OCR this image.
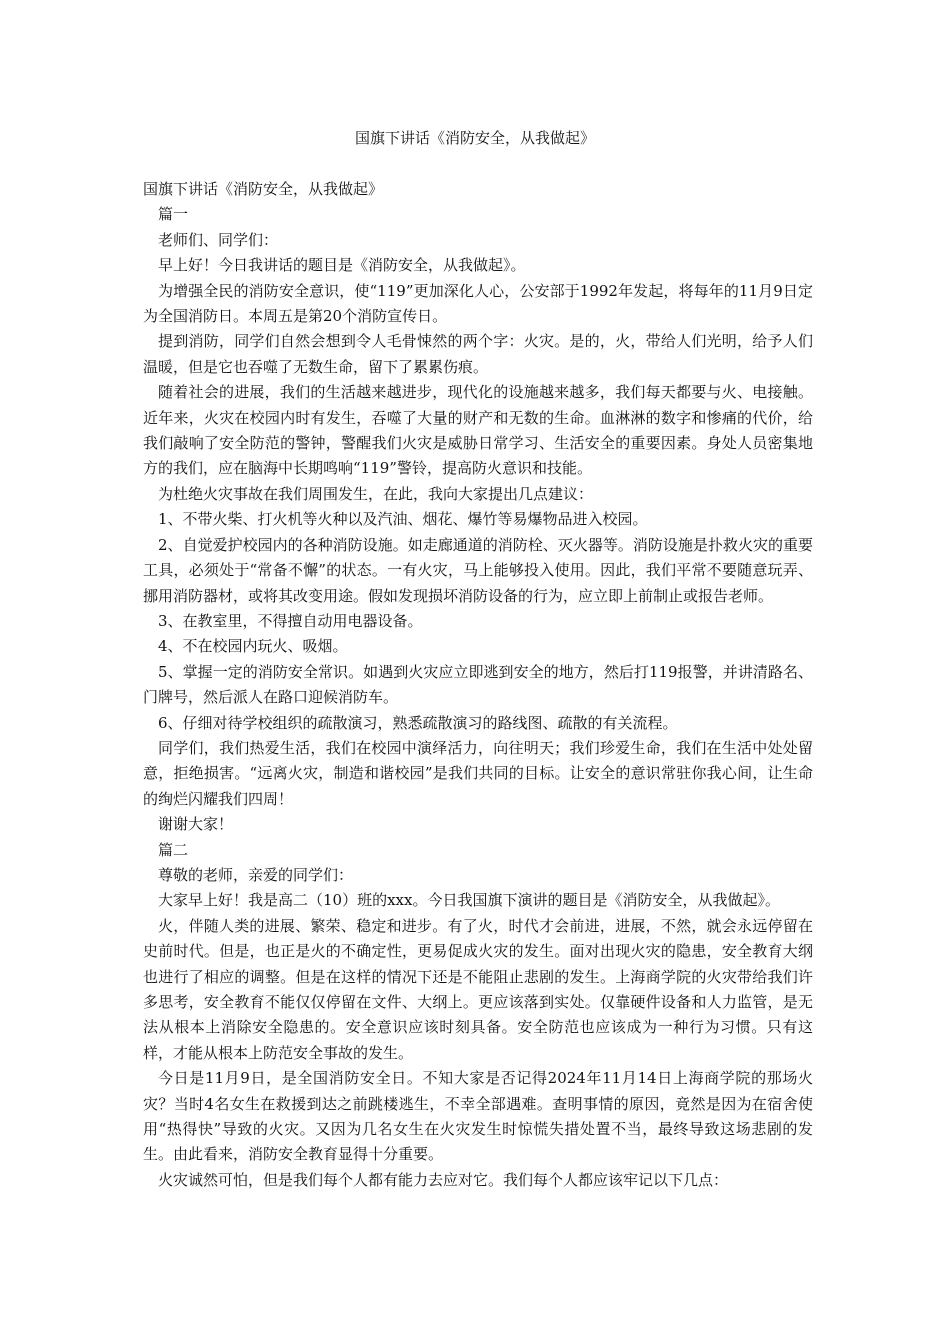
国旗下讲话《消防安全，从我做起》

国旗下讲话《消防安全，从我做起》

篇一

老师们、同学们：

早上好！今日我讲话的题目是《消防安全，从我做起》。

为增强全民的消防安全意识，使“119”更加深化人心，公安部于1992年发起，将每年的11月9日定为全国消防日。本周五是第20个消防宣传日。

提到消防，同学们自然会想到令人毛骨悚然的两个字：火灾。是的，火，带给人们光明，给予人们温暖，但是它也吞噬了无数生命，留下了累累伤痕。

随着社会的进展，我们的生活越来越进步，现代化的设施越来越多，我们每天都要与火、电接触。近年来，火灾在校园内时有发生，吞噬了大量的财产和无数的生命。血淋淋的数字和惨痛的代价，给我们敲响了安全防范的警钟，警醒我们火灾是威胁日常学习、生活安全的重要因素。身处人员密集地方的我们，应在脑海中长期鸣响“119”警铃，提高防火意识和技能。

为杜绝火灾事故在我们周围发生，在此，我向大家提出几点建议：

1、不带火柴、打火机等火种以及汽油、烟花、爆竹等易爆物品进入校园。

2、自觉爱护校园内的各种消防设施。如走廊通道的消防栓、灭火器等。消防设施是扑救火灾的重要工具，必须处于“常备不懈”的状态。一有火灾，马上能够投入使用。因此，我们平常不要随意玩弄、挪用消防器材，或将其改变用途。假如发现损坏消防设备的行为，应立即上前制止或报告老师。

3、在教室里，不得擅自动用电器设备。

4、不在校园内玩火、吸烟。

5、掌握一定的消防安全常识。如遇到火灾应立即逃到安全的地方，然后打119报警，并讲清路名、门牌号，然后派人在路口迎候消防车。

6、仔细对待学校组织的疏散演习，熟悉疏散演习的路线图、疏散的有关流程。

同学们，我们热爱生活，我们在校园中演绎活力，向往明天；我们珍爱生命，我们在生活中处处留意，拒绝损害。“远离火灾，制造和谐校园”是我们共同的目标。让安全的意识常驻你我心间，让生命的绚烂闪耀我们四周！

谢谢大家！

篇二

尊敬的老师，亲爱的同学们：

大家早上好！我是高二（10）班的xxx。今日我国旗下演讲的题目是《消防安全，从我做起》。

火，伴随人类的进展、繁荣、稳定和进步。有了火，时代才会前进，进展，不然，就会永远停留在史前时代。但是，也正是火的不确定性，更易促成火灾的发生。面对出现火灾的隐患，安全教育大纲也进行了相应的调整。但是在这样的情况下还是不能阻止悲剧的发生。上海商学院的火灾带给我们许多思考，安全教育不能仅仅停留在文件、大纲上。更应该落到实处。仅靠硬件设备和人力监管，是无法从根本上消除安全隐患的。安全意识应该时刻具备。安全防范也应该成为一种行为习惯。只有这样，才能从根本上防范安全事故的发生。

今日是11月9日，是全国消防安全日。不知大家是否记得2024年11月14日上海商学院的那场火灾？当时4名女生在救援到达之前跳楼逃生，不幸全部遇难。查明事情的原因，竟然是因为在宿舍使用“热得快”导致的火灾。又因为几名女生在火灾发生时惊慌失措处置不当，最终导致这场悲剧的发生。由此看来，消防安全教育显得十分重要。

火灾诚然可怕，但是我们每个人都有能力去应对它。我们每个人都应该牢记以下几点：
